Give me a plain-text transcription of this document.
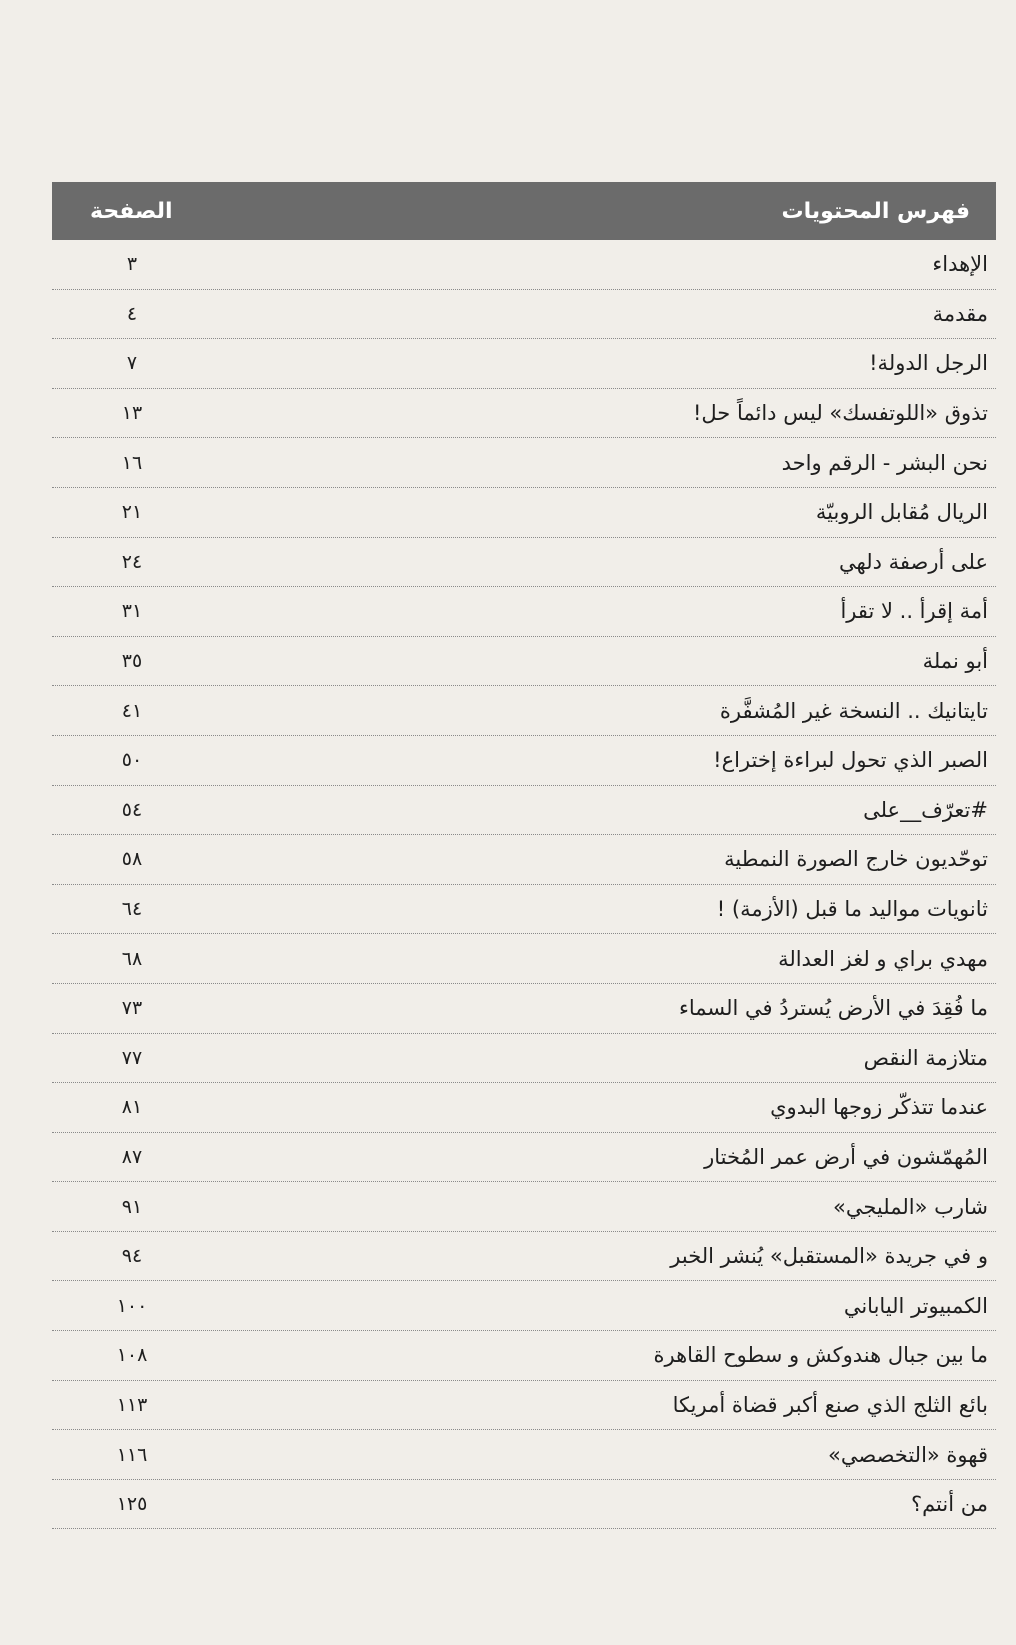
فهرس المحتويات
الصفحة
الإهداء
٣
مقدمة
٤
الرجل الدولة!
٧
تذوق «اللوتفسك» ليس دائماً حل!
١٣
نحن البشر - الرقم واحد
١٦
الريال مُقابل الروبيّة
٢١
على أرصفة دلهي
٢٤
أمة إقرأ .. لا تقرأ
٣١
أبو نملة
٣٥
تايتانيك .. النسخة غير المُشفَّرة
٤١
الصبر الذي تحول لبراءة إختراع!
٥٠
#تعرّف__على
٥٤
توحّديون خارج الصورة النمطية
٥٨
ثانويات مواليد ما قبل (الأزمة) !
٦٤
مهدي براي و لغز العدالة
٦٨
ما فُقِدَ في الأرض يُستردُ في السماء
٧٣
متلازمة النقص
٧٧
عندما تتذكّر زوجها البدوي
٨١
المُهمّشون في أرض عمر المُختار
٨٧
شارب «المليجي»
٩١
و في جريدة «المستقبل» يُنشر الخبر
٩٤
الكمبيوتر الياباني
١٠٠
ما بين جبال هندوكش و سطوح القاهرة
١٠٨
بائع الثلج الذي صنع أكبر قضاة أمريكا
١١٣
قهوة «التخصصي»
١١٦
من أنتم؟
١٢٥
